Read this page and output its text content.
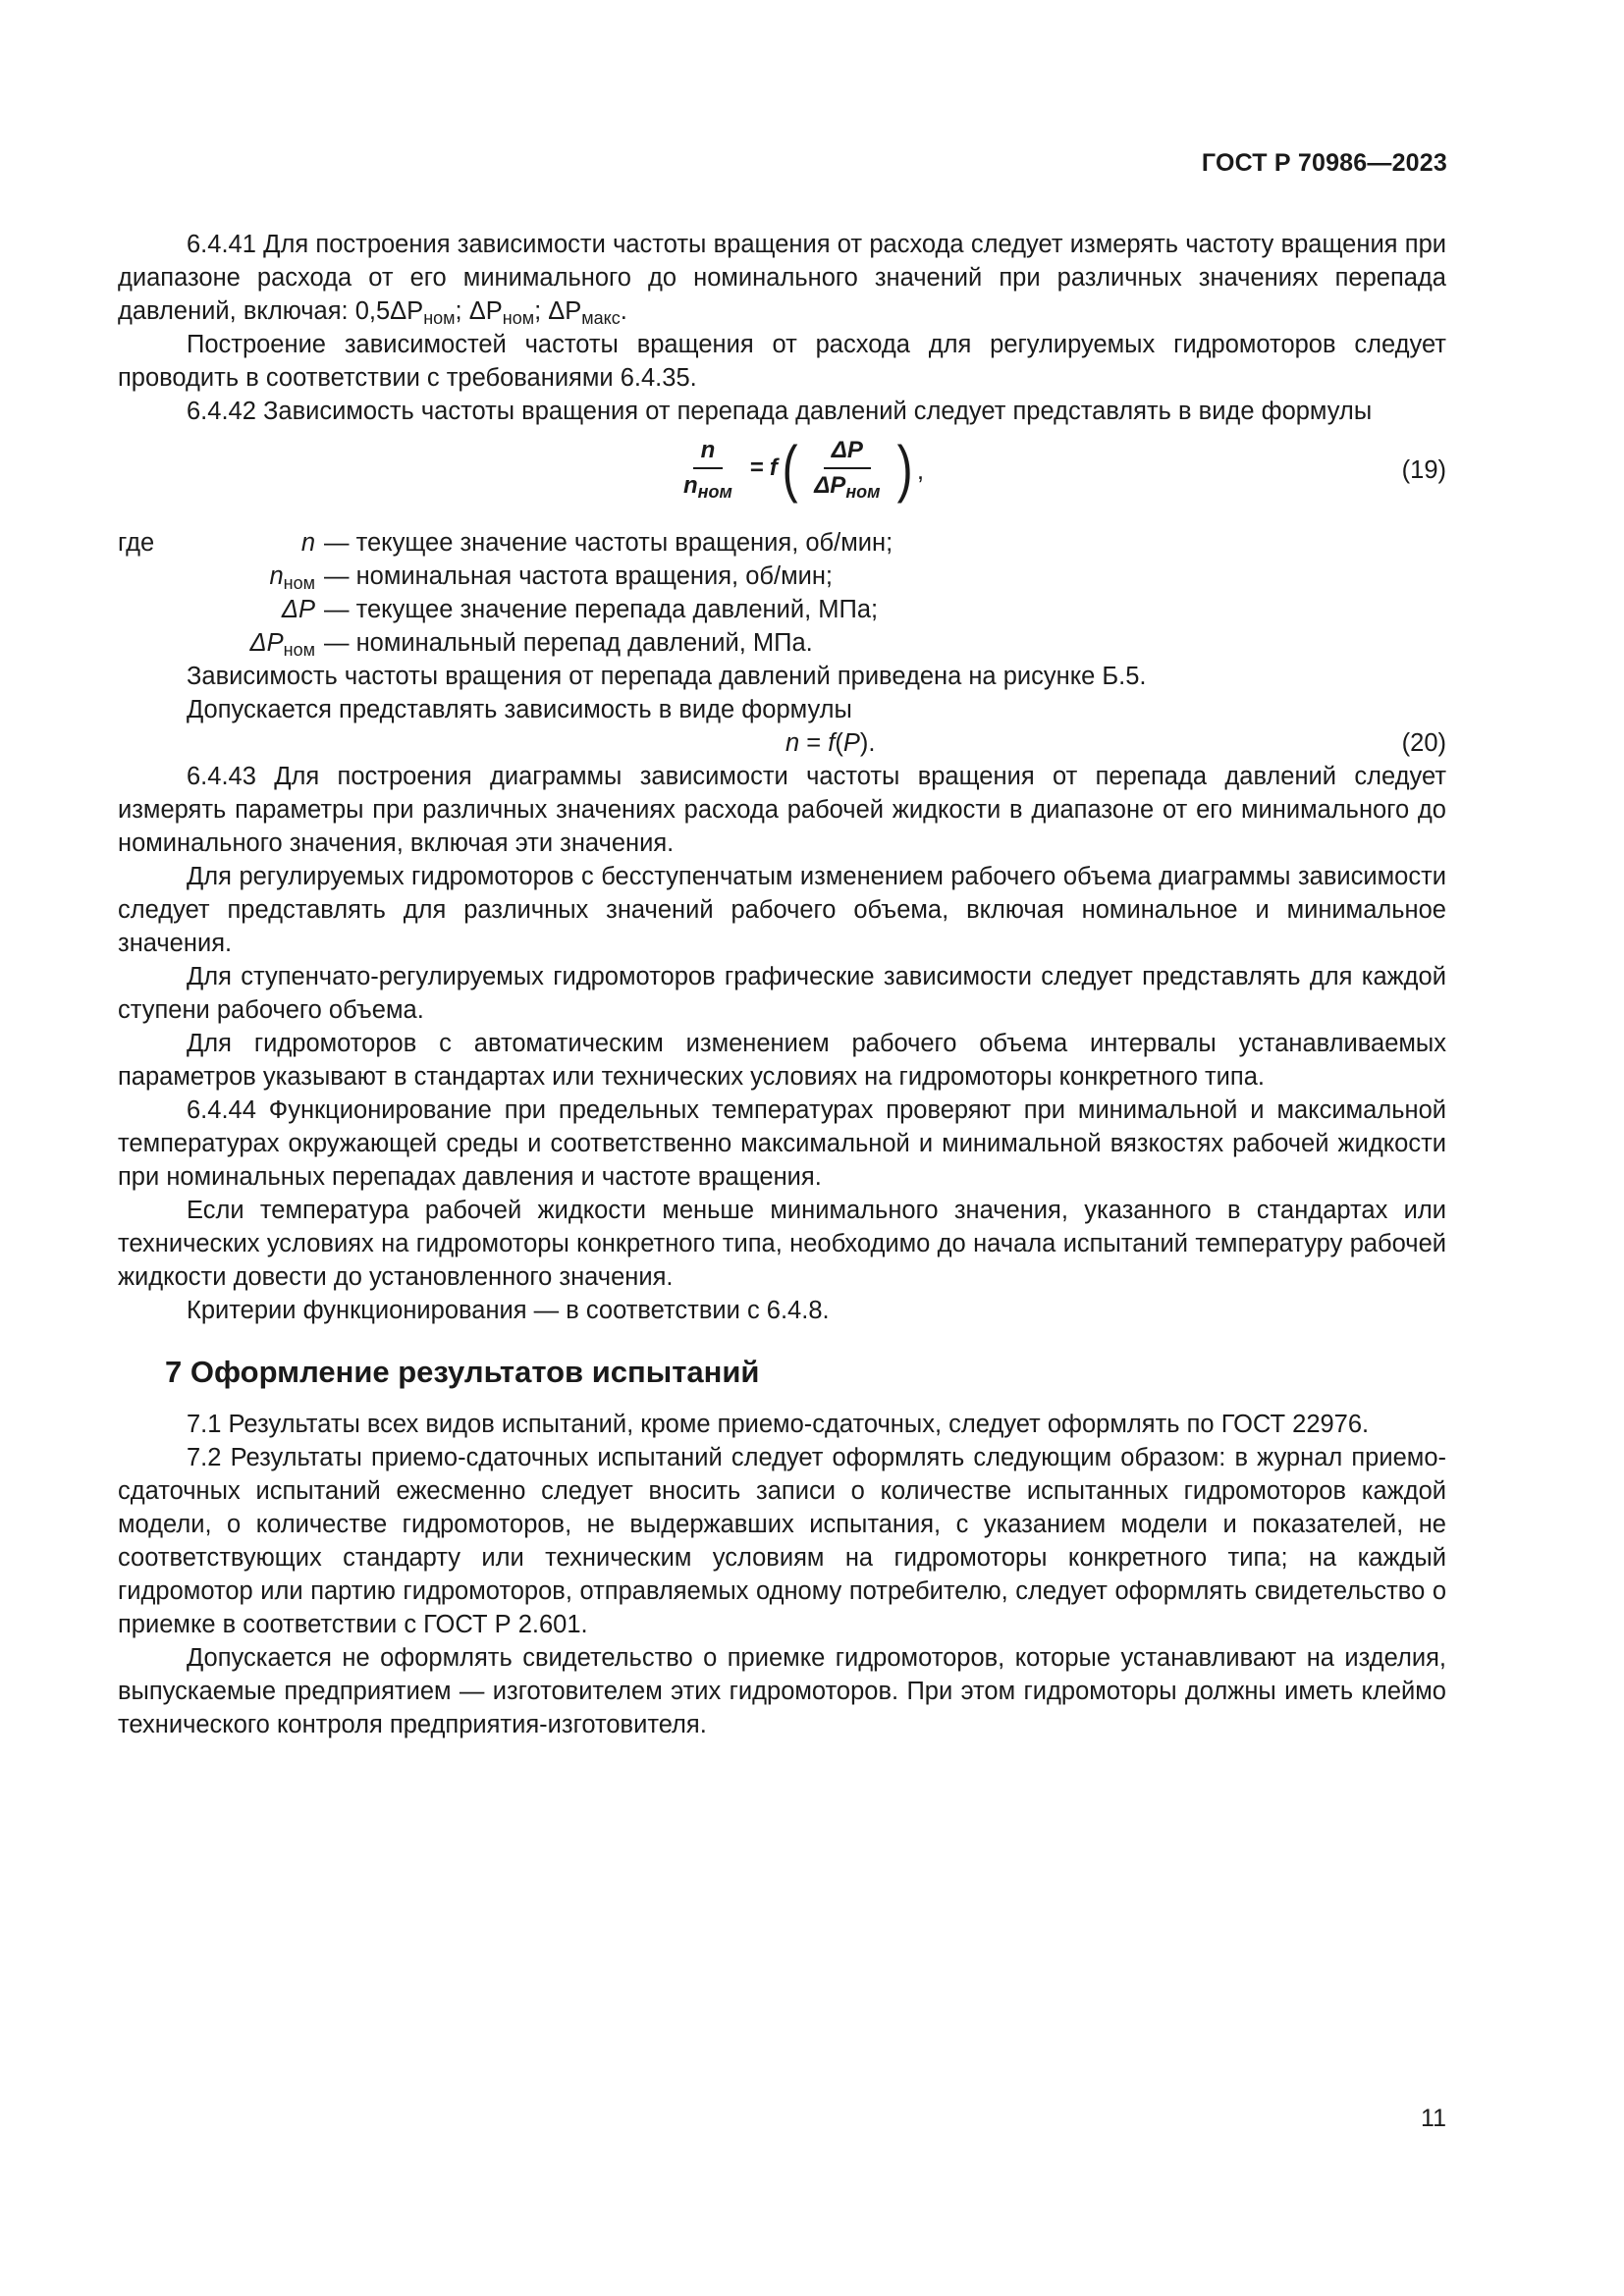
ГОСТ Р 70986—2023

6.4.41 Для построения зависимости частоты вращения от расхода следует измерять частоту вращения при диапазоне расхода от его минимального до номинального значений при различных значениях перепада давлений, включая: $0,5\Delta P_{ном}$; $\Delta P_{ном}$; $\Delta P_{макс}$.

Построение зависимостей частоты вращения от расхода для регулируемых гидромоторов следует проводить в соответствии с требованиями 6.4.35.

6.4.42 Зависимость частоты вращения от перепада давлений следует представлять в виде формулы

$\frac{n}{n_{ном}} = f$ ( $\frac{\Delta P}{\Delta P_{ном}}$ ) ,	(19)
где	n — текущее значение частоты вращения, об/мин;
$n_{ном}$ — номинальная частота вращения, об/мин;
ΔP — текущее значение перепада давлений, МПа;
$\Delta P_{ном}$ — номинальный перепад давлений, МПа.

Зависимость частоты вращения от перепада давлений приведена на рисунке Б.5.

Допускается представлять зависимость в виде формулы

n = f(P).	(20)

6.4.43 Для построения диаграммы зависимости частоты вращения от перепада давлений следует измерять параметры при различных значениях расхода рабочей жидкости в диапазоне от его минимального до номинального значения, включая эти значения.

Для регулируемых гидромоторов с бесступенчатым изменением рабочего объема диаграммы зависимости следует представлять для различных значений рабочего объема, включая номинальное и минимальное значения.

Для ступенчато-регулируемых гидромоторов графические зависимости следует представлять для каждой ступени рабочего объема.

Для гидромоторов с автоматическим изменением рабочего объема интервалы устанавливаемых параметров указывают в стандартах или технических условиях на гидромоторы конкретного типа.

6.4.44 Функционирование при предельных температурах проверяют при минимальной и максимальной температурах окружающей среды и соответственно максимальной и минимальной вязкостях рабочей жидкости при номинальных перепадах давления и частоте вращения.

Если температура рабочей жидкости меньше минимального значения, указанного в стандартах или технических условиях на гидромоторы конкретного типа, необходимо до начала испытаний температуру рабочей жидкости довести до установленного значения.

Критерии функционирования — в соответствии с 6.4.8.

7 Оформление результатов испытаний

7.1 Результаты всех видов испытаний, кроме приемо-сдаточных, следует оформлять по ГОСТ 22976.

7.2 Результаты приемо-сдаточных испытаний следует оформлять следующим образом: в журнал приемо-сдаточных испытаний ежесменно следует вносить записи о количестве испытанных гидромоторов каждой модели, о количестве гидромоторов, не выдержавших испытания, с указанием модели и показателей, не соответствующих стандарту или техническим условиям на гидромоторы конкретного типа; на каждый гидромотор или партию гидромоторов, отправляемых одному потребителю, следует оформлять свидетельство о приемке в соответствии с ГОСТ Р 2.601.

Допускается не оформлять свидетельство о приемке гидромоторов, которые устанавливают на изделия, выпускаемые предприятием — изготовителем этих гидромоторов. При этом гидромоторы должны иметь клеймо технического контроля предприятия-изготовителя.

11
